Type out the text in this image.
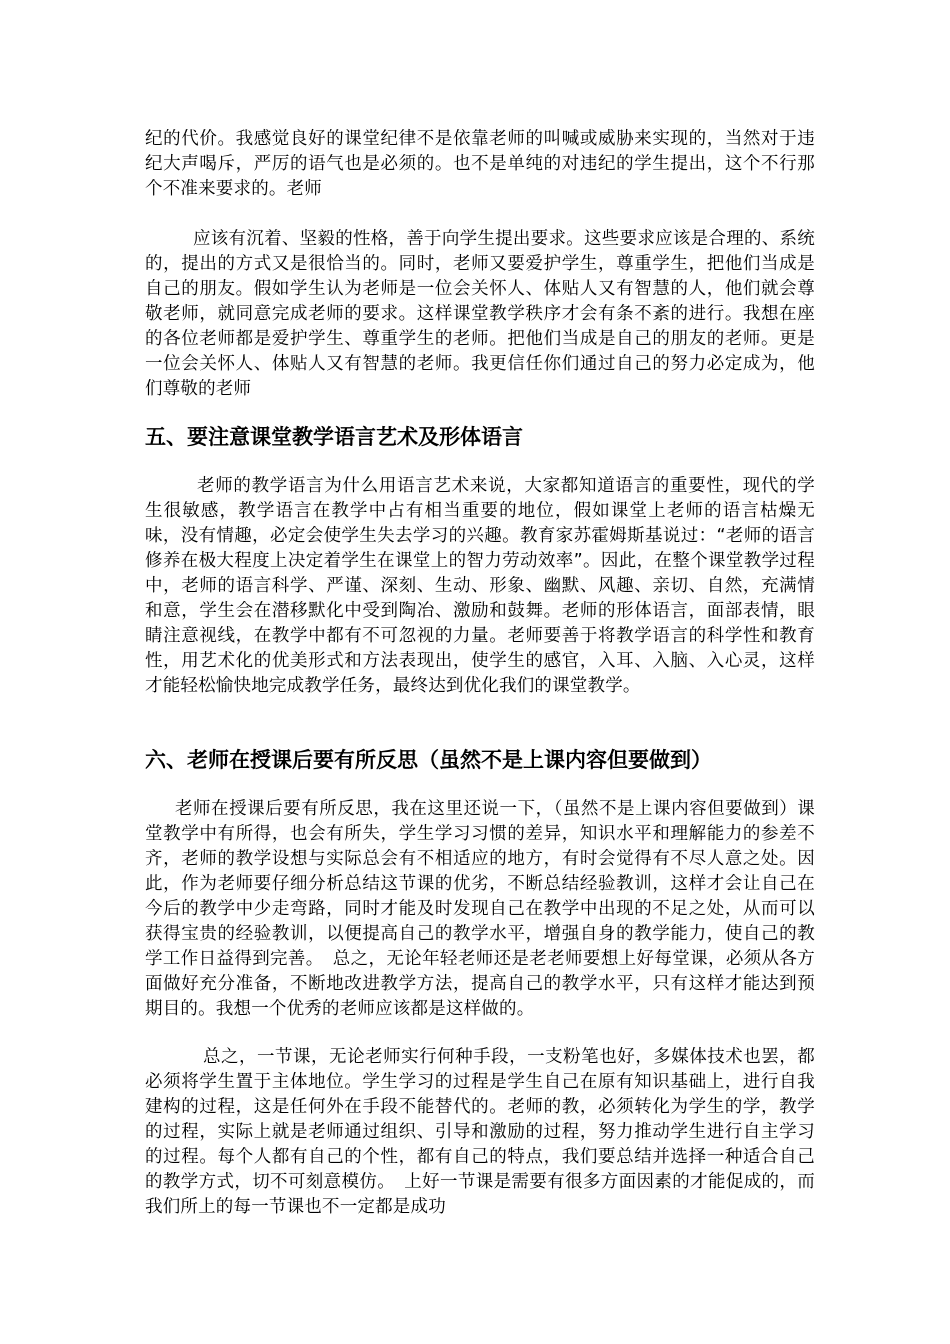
纪的代价。我感觉良好的课堂纪律不是依靠老师的叫喊或威胁来实现的，当然对于违纪大声喝斥，严厉的语气也是必须的。也不是单纯的对违纪的学生提出，这个不行那个不准来要求的。老师

应该有沉着、坚毅的性格，善于向学生提出要求。这些要求应该是合理的、系统的，提出的方式又是很恰当的。同时，老师又要爱护学生，尊重学生，把他们当成是自己的朋友。假如学生认为老师是一位会关怀人、体贴人又有智慧的人，他们就会尊敬老师，就同意完成老师的要求。这样课堂教学秩序才会有条不紊的进行。我想在座的各位老师都是爱护学生、尊重学生的老师。把他们当成是自己的朋友的老师。更是一位会关怀人、体贴人又有智慧的老师。我更信任你们通过自己的努力必定成为，他们尊敬的老师

五、要注意课堂教学语言艺术及形体语言

老师的教学语言为什么用语言艺术来说，大家都知道语言的重要性，现代的学生很敏感，教学语言在教学中占有相当重要的地位，假如课堂上老师的语言枯燥无味，没有情趣，必定会使学生失去学习的兴趣。教育家苏霍姆斯基说过：“老师的语言修养在极大程度上决定着学生在课堂上的智力劳动效率”。因此，在整个课堂教学过程中，老师的语言科学、严谨、深刻、生动、形象、幽默、风趣、亲切、自然，充满情和意，学生会在潜移默化中受到陶冶、激励和鼓舞。老师的形体语言，面部表情，眼睛注意视线，在教学中都有不可忽视的力量。老师要善于将教学语言的科学性和教育性，用艺术化的优美形式和方法表现出，使学生的感官，入耳、入脑、入心灵，这样才能轻松愉快地完成教学任务，最终达到优化我们的课堂教学。

六、老师在授课后要有所反思（虽然不是上课内容但要做到）

老师在授课后要有所反思，我在这里还说一下，（虽然不是上课内容但要做到）课堂教学中有所得，也会有所失，学生学习习惯的差异，知识水平和理解能力的参差不齐，老师的教学设想与实际总会有不相适应的地方，有时会觉得有不尽人意之处。因此，作为老师要仔细分析总结这节课的优劣，不断总结经验教训，这样才会让自己在今后的教学中少走弯路，同时才能及时发现自己在教学中出现的不足之处，从而可以获得宝贵的经验教训，以便提高自己的教学水平，增强自身的教学能力，使自己的教学工作日益得到完善。　总之，无论年轻老师还是老老师要想上好每堂课，必须从各方面做好充分准备，不断地改进教学方法，提高自己的教学水平，只有这样才能达到预期目的。我想一个优秀的老师应该都是这样做的。

总之，一节课，无论老师实行何种手段，一支粉笔也好，多媒体技术也罢，都必须将学生置于主体地位。学生学习的过程是学生自己在原有知识基础上，进行自我建构的过程，这是任何外在手段不能替代的。老师的教，必须转化为学生的学，教学的过程，实际上就是老师通过组织、引导和激励的过程，努力推动学生进行自主学习的过程。每个人都有自己的个性，都有自己的特点，我们要总结并选择一种适合自己的教学方式，切不可刻意模仿。　上好一节课是需要有很多方面因素的才能促成的，而我们所上的每一节课也不一定都是成功
